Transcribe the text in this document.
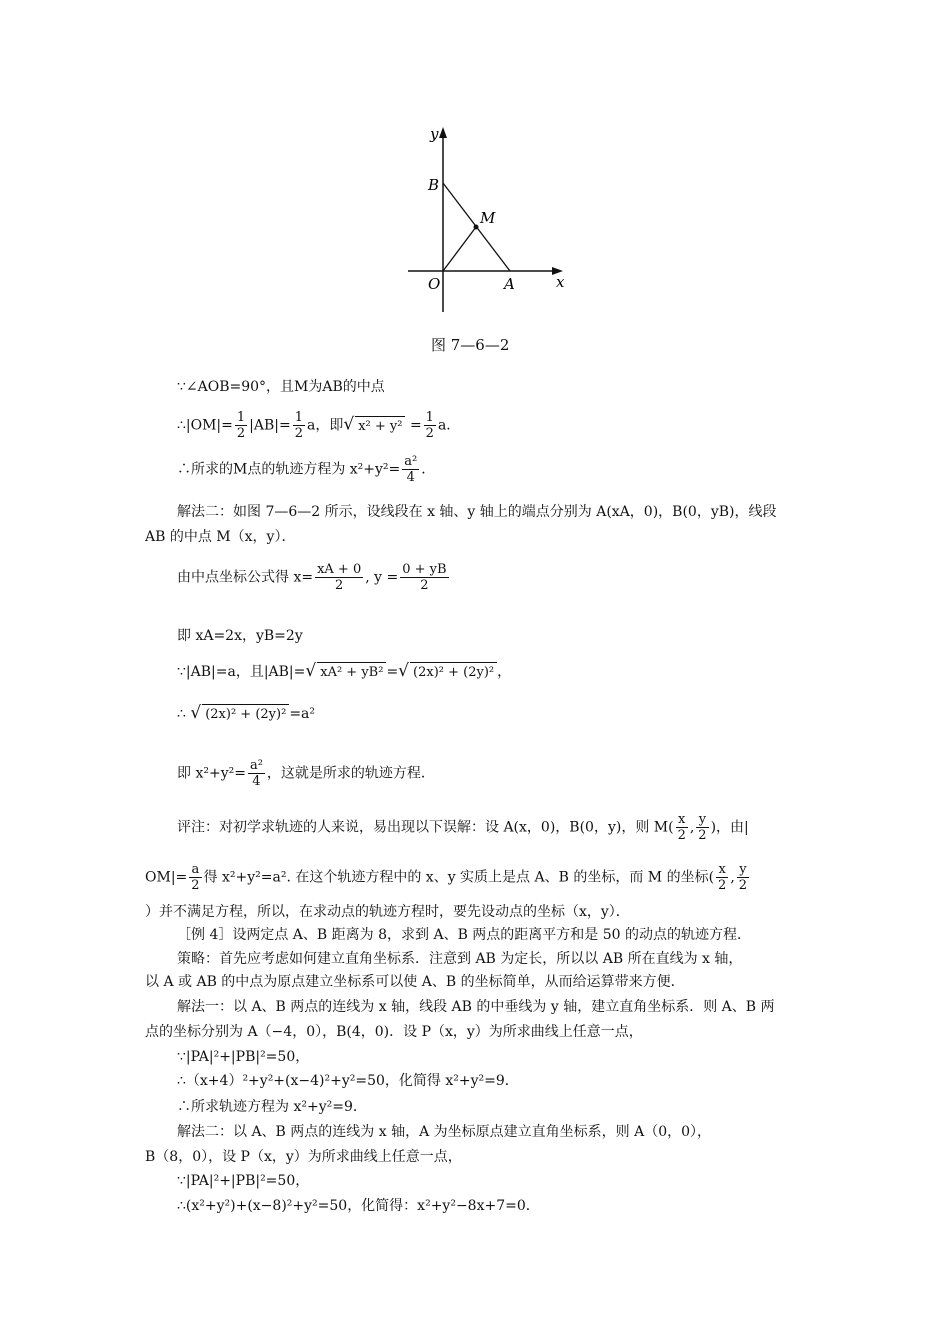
y
B
M
O	A	x
图 7—6—2
∵∠AOB=90°，且M为AB的中点
∴|OM|= $\frac{1}{2} |AB|= \frac{1}{2}$ a，即√ $x^2 + y^2 = \frac{1}{2}$ a．
∴所求的M点的轨迹方程为 $x^2+y^2= \frac{\text{a²}}{4}$ ．
解法二：如图 7—6—2 所示，设线段在 x 轴、y 轴上的端点分别为 A(xA，0)，B(0，yB)，线段
AB 的中点 M（x，y）．
由中点坐标公式得 $x= \frac{xA + 0}{2}$ , $y = \frac{0 + yB}{2}$
即 xA=2x，yB=2y
∵|AB|=a，且|AB|=√ xA² + yB² =√ (2x)² + (2y)² ，
∴ √ (2x)² + (2y)² =a²
即 $x^2+y^2= \frac{\text{a²}}{4}$ ，这就是所求的轨迹方程．
评注：对初学求轨迹的人来说，易出现以下误解：设 A(x，0)，B(0，y)，则 $M( \frac{x}{2}$ , $\frac{y}{2}$ )，由|
$OM|= \frac{a}{2}$ 得 x²+y²=a². 在这个轨迹方程中的 x、y 实质上是点 A、B 的坐标，而 M 的坐标( $\frac{x}{2}$ , $\frac{y}{2}$
）并不满足方程，所以，在求动点的轨迹方程时，要先设动点的坐标（x，y）．
［例 4］设两定点 A、B 距离为 8，求到 A、B 两点的距离平方和是 50 的动点的轨迹方程．
策略：首先应考虑如何建立直角坐标系．注意到 AB 为定长，所以以 AB 所在直线为 x 轴，
以 A 或 AB 的中点为原点建立坐标系可以使 A、B 的坐标简单，从而给运算带来方便．
解法一：以 A、B 两点的连线为 x 轴，线段 AB 的中垂线为 y 轴，建立直角坐标系．则 A、B 两
点的坐标分别为 A（−4，0），B(4，0)．设 P（x，y）为所求曲线上任意一点，
∵|PA|²+|PB|²=50，
∴（x+4）²+y²+(x−4)²+y²=50，化简得 x²+y²=9．
∴所求轨迹方程为 x²+y²=9．
解法二：以 A、B 两点的连线为 x 轴，A 为坐标原点建立直角坐标系，则 A（0，0），
B（8，0），设 P（x，y）为所求曲线上任意一点，
∵|PA|²+|PB|²=50，
∴(x²+y²)+(x−8)²+y²=50，化简得：x²+y²−8x+7=0．
